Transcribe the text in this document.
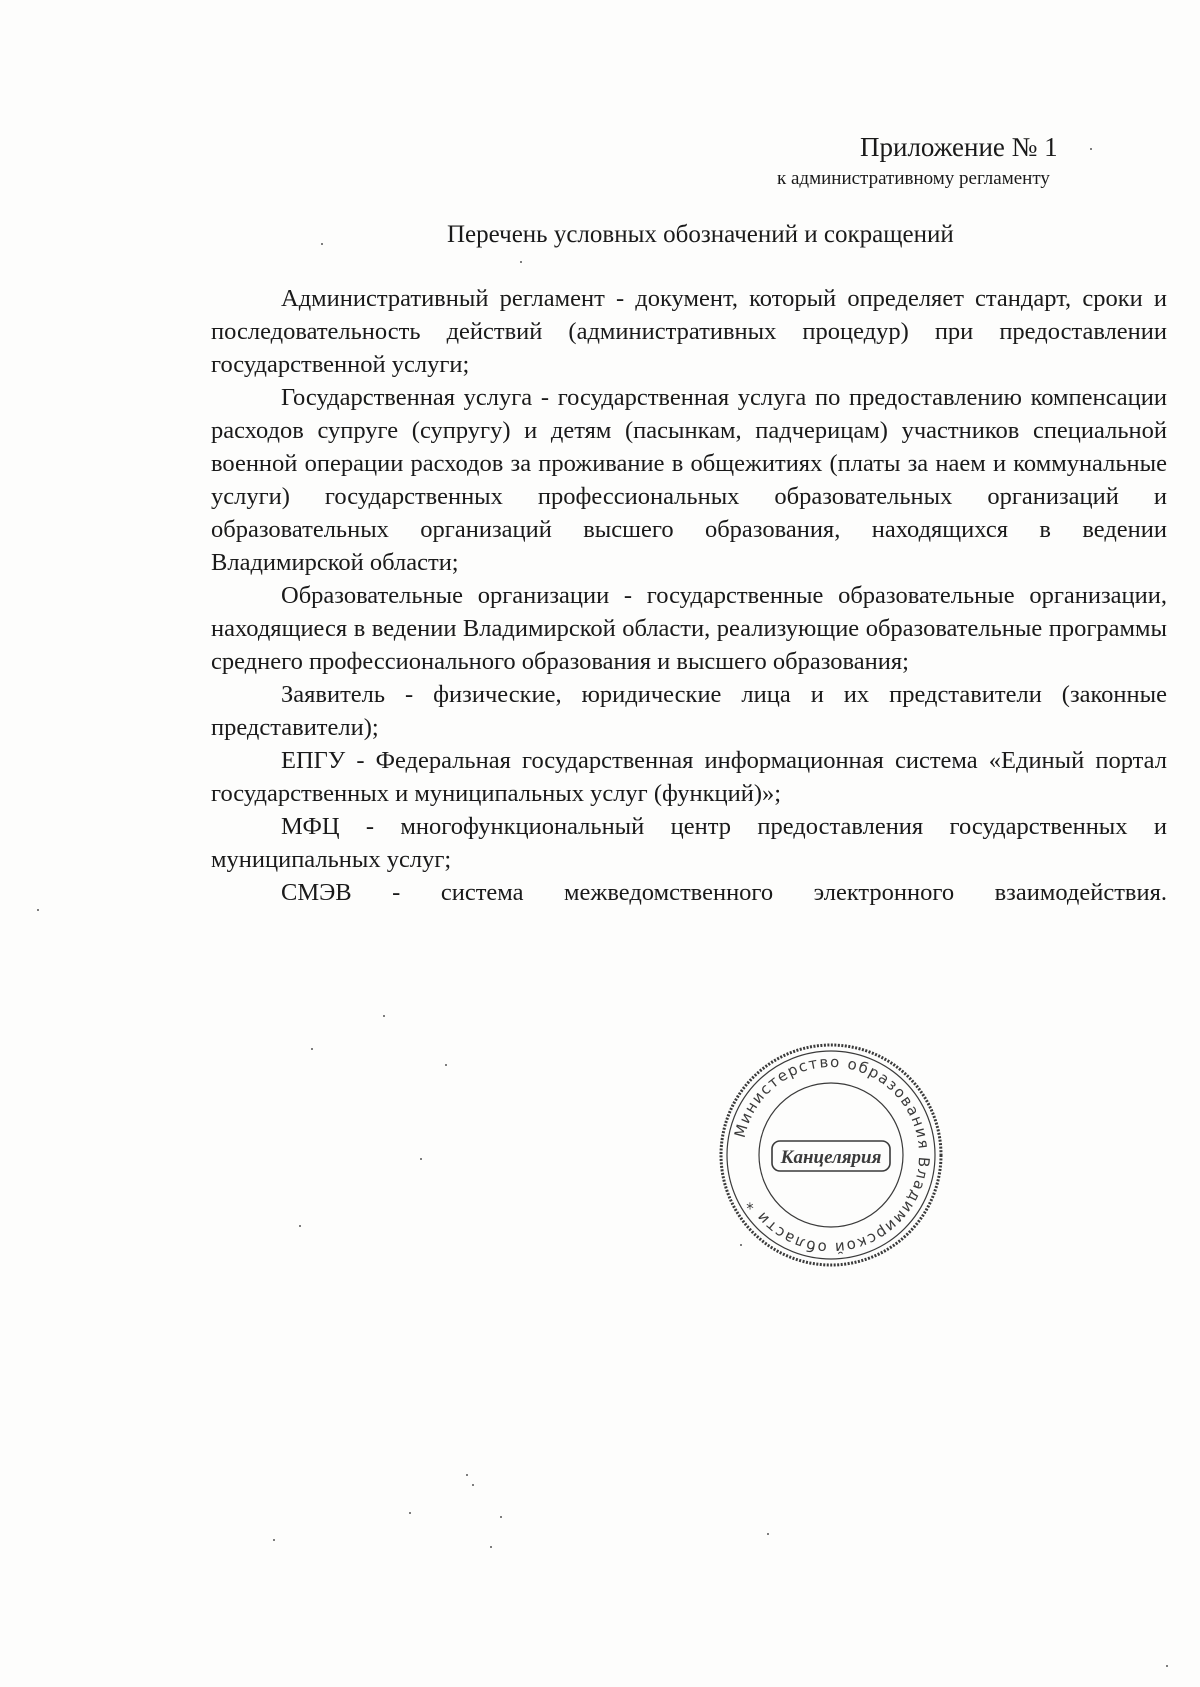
Приложение № 1
к административному регламенту
Перечень условных обозначений и сокращений

Административный регламент - документ, который определяет стандарт, сроки и последовательность действий (административных процедур) при предоставлении государственной услуги;

Государственная услуга - государственная услуга по предоставлению компенсации расходов супруге (супругу) и детям (пасынкам, падчерицам) участников специальной военной операции расходов за проживание в общежитиях (платы за наем и коммунальные услуги) государственных профессиональных образовательных организаций и образовательных организаций высшего образования, находящихся в ведении Владимирской области;

Образовательные организации - государственные образовательные организации, находящиеся в ведении Владимирской области, реализующие образовательные программы среднего профессионального образования и высшего образования;

Заявитель - физические, юридические лица и их представители (законные представители);

ЕПГУ - Федеральная государственная информационная система «Единый портал государственных и муниципальных услуг (функций)»;

МФЦ - многофункциональный центр предоставления государственных и муниципальных услуг;

СМЭВ - система межведомственного электронного взаимодействия.

Министерство образования Владимирской области *
Канцелярия
